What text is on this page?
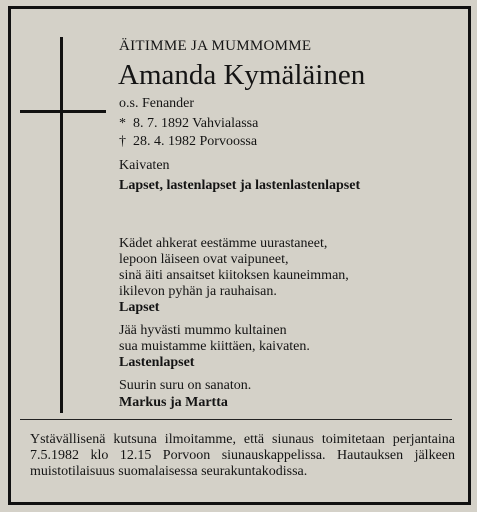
ÄITIMME JA MUMMOMME
Amanda Kymäläinen
o.s. Fenander
* 8. 7. 1892 Vahvialassa
† 28. 4. 1982 Porvoossa
Kaivaten
Lapset, lastenlapset ja lastenlastenlapset
Kädet ahkerat eestämme uurastaneet,
lepoon läiseen ovat vaipuneet,
sinä äiti ansaitset kiitoksen kauneimman,
ikilevon pyhän ja rauhaisan.
Lapset
Jää hyvästi mummo kultainen
sua muistamme kiittäen, kaivaten.
Lastenlapset
Suurin suru on sanaton.
Markus ja Martta
Ystävällisenä kutsuna ilmoitamme, että siunaus toimitetaan perjantaina 7.5.1982 klo 12.15 Porvoon siunauskappelissa. Hautauksen jälkeen muistotilaisuus suomalaisessa seurakuntakodissa.
